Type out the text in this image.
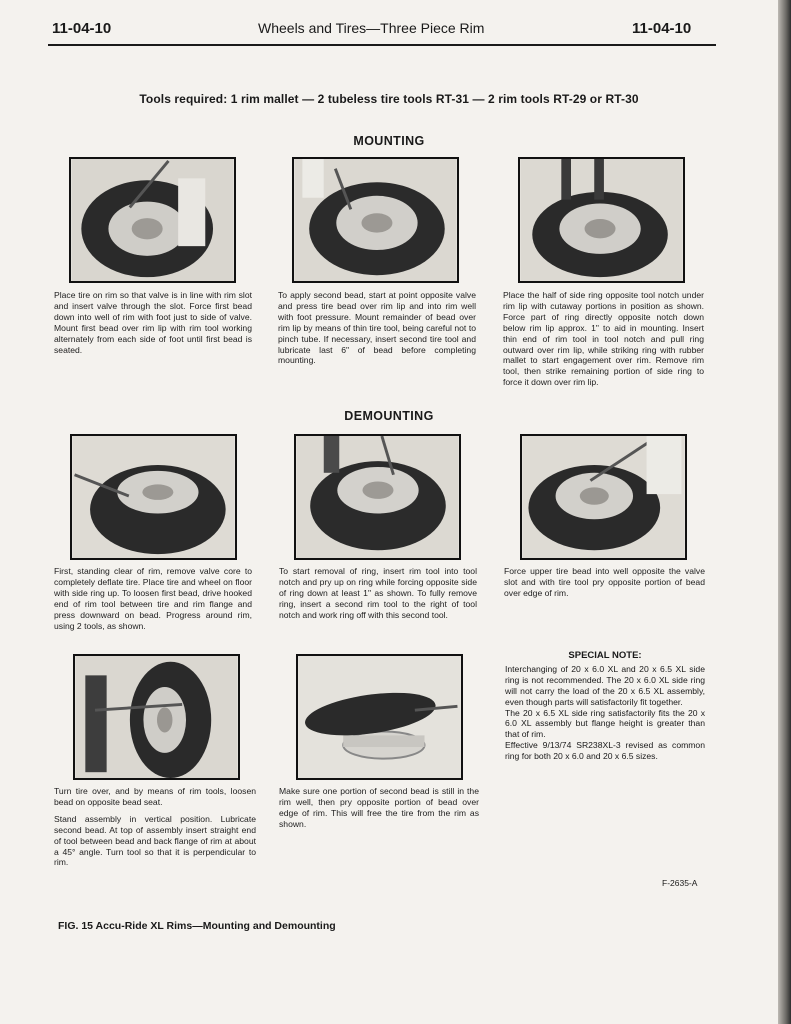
11-04-10	Wheels and Tires—Three Piece Rim	11-04-10
Tools required: 1 rim mallet — 2 tubeless tire tools RT-31 — 2 rim tools RT-29 or RT-30
MOUNTING
Place tire on rim so that valve is in line with rim slot and insert valve through the slot. Force first bead down into well of rim with foot just to side of valve. Mount first bead over rim lip with rim tool working alternately from each side of foot until first bead is seated.
To apply second bead, start at point opposite valve and press tire bead over rim lip and into rim well with foot pressure. Mount remainder of bead over rim lip by means of thin tire tool, being careful not to pinch tube. If necessary, insert second tire tool and lubricate last 6" of bead before completing mounting.
Place the half of side ring opposite tool notch under rim lip with cutaway portions in position as shown. Force part of ring directly opposite notch down below rim lip approx. 1" to aid in mounting. Insert thin end of rim tool in tool notch and pull ring outward over rim lip, while striking ring with rubber mallet to start engagement over rim. Remove rim tool, then strike remaining portion of side ring to force it down over rim lip.
DEMOUNTING
First, standing clear of rim, remove valve core to completely deflate tire. Place tire and wheel on floor with side ring up. To loosen first bead, drive hooked end of rim tool between tire and rim flange and press downward on bead. Progress around rim, using 2 tools, as shown.
To start removal of ring, insert rim tool into tool notch and pry up on ring while forcing opposite side of ring down at least 1" as shown. To fully remove ring, insert a second rim tool to the right of tool notch and work ring off with this second tool.
Force upper tire bead into well opposite the valve slot and with tire tool pry opposite portion of bead over edge of rim.

Turn tire over, and by means of rim tools, loosen bead on opposite bead seat.

Stand assembly in vertical position. Lubricate second bead. At top of assembly insert straight end of tool between bead and back flange of rim at about a 45° angle. Turn tool so that it is perpendicular to rim.

Make sure one portion of second bead is still in the rim well, then pry opposite portion of bead over edge of rim. This will free the tire from the rim as shown.
SPECIAL NOTE:

Interchanging of 20 x 6.0 XL and 20 x 6.5 XL side ring is not recommended. The 20 x 6.0 XL side ring will not carry the load of the 20 x 6.5 XL assembly, even though parts will satisfactorily fit together.

The 20 x 6.5 XL side ring satisfactorily fits the 20 x 6.0 XL assembly but flange height is greater than that of rim.

Effective 9/13/74 SR238XL-3 revised as common ring for both 20 x 6.0 and 20 x 6.5 sizes.

F-2635-A
FIG. 15 Accu-Ride XL Rims—Mounting and Demounting
